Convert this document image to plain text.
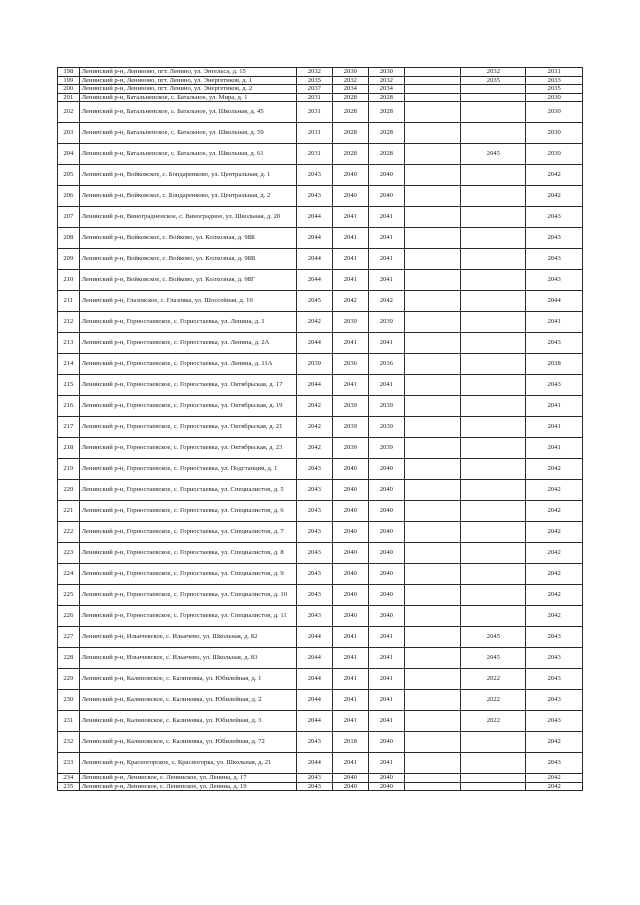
198	Ленинский р-н, Лениново, пгт. Ленино, ул. Энгельса, д. 15	2032	2030	2030		2032	2031
199	Ленинский р-н, Лениново, пгт. Ленино, ул. Энергетиков, д. 1	2035	2032	2032		2035	2033
200	Ленинский р-н, Лениново, пгт. Ленино, ул. Энергетиков, д. 2	2037	2034	2034			2035
201	Ленинский р-н, Батальненское, с. Батальное, ул. Мира, д. 1	2031	2028	2028			2030
202	Ленинский р-н, Батальненское, с. Батальное, ул. Школьная, д. 45	2031	2028	2028			2030
203	Ленинский р-н, Батальненское, с. Батальное, ул. Школьная, д. 59	2031	2028	2028			2030
204	Ленинский р-н, Батальненское, с. Батальное, ул. Школьная, д. 61	2031	2028	2028		2045	2030
205	Ленинский р-н, Войковское, с. Бондаренково, ул. Центральная, д. 1	2043	2040	2040			2042
206	Ленинский р-н, Войковское, с. Бондаренково, ул. Центральная, д. 2	2043	2040	2040			2042
207	Ленинский р-н, Виноградненское, с. Виноградное, ул. Школьная, д. 20	2044	2041	2041			2043
208	Ленинский р-н, Войковское, с. Войково, ул. Колхозная, д. 98Б	2044	2041	2041			2043
209	Ленинский р-н, Войковское, с. Войково, ул. Колхозная, д. 98В	2044	2041	2041			2043
210	Ленинский р-н, Войковское, с. Войково, ул. Колхозная, д. 98Г	2044	2041	2041			2043
211	Ленинский р-н, Глазовское, с. Глазовка, ул. Шоссейная, д. 10	2045	2042	2042			2044
212	Ленинский р-н, Горностаевское, с. Горностаевка, ул. Ленина, д. 1	2042	2039	2039			2041
213	Ленинский р-н, Горностаевское, с. Горностаевка, ул. Ленина, д. 2А	2044	2041	2041			2043
214	Ленинский р-н, Горностаевское, с. Горностаевка, ул. Ленина, д. 11А	2039	2036	2036			2038
215	Ленинский р-н, Горностаевское, с. Горностаевка, ул. Октябрьская, д. 17	2044	2041	2041			2043
216	Ленинский р-н, Горностаевское, с. Горностаевка, ул. Октябрьская, д. 19	2042	2039	2039			2041
217	Ленинский р-н, Горностаевское, с. Горностаевка, ул. Октябрьская, д. 21	2042	2039	2039			2041
218	Ленинский р-н, Горностаевское, с. Горностаевка, ул. Октябрьская, д. 23	2042	2039	2039			2041
219	Ленинский р-н, Горностаевское, с. Горностаевка, ул. Подстанция, д. 1	2043	2040	2040			2042
220	Ленинский р-н, Горностаевское, с. Горностаевка, ул. Специалистов, д. 5	2043	2040	2040			2042
221	Ленинский р-н, Горностаевское, с. Горностаевка, ул. Специалистов, д. 6	2043	2040	2040			2042
222	Ленинский р-н, Горностаевское, с. Горностаевка, ул. Специалистов, д. 7	2043	2040	2040			2042
223	Ленинский р-н, Горностаевское, с. Горностаевка, ул. Специалистов, д. 8	2043	2040	2040			2042
224	Ленинский р-н, Горностаевское, с. Горностаевка, ул. Специалистов, д. 9	2043	2040	2040			2042
225	Ленинский р-н, Горностаевское, с. Горностаевка, ул. Специалистов, д. 10	2043	2040	2040			2042
226	Ленинский р-н, Горностаевское, с. Горностаевка, ул. Специалистов, д. 11	2043	2040	2040			2042
227	Ленинский р-н, Ильичевское, с. Ильичево, ул. Школьная, д. 82	2044	2041	2041		2045	2043
228	Ленинский р-н, Ильичевское, с. Ильичево, ул. Школьная, д. 83	2044	2041	2041		2045	2043
229	Ленинский р-н, Калиновское, с. Калиновка, ул. Юбилейная, д. 1	2044	2041	2041		2022	2043
230	Ленинский р-н, Калиновское, с. Калиновка, ул. Юбилейная, д. 2	2044	2041	2041		2022	2043
231	Ленинский р-н, Калиновское, с. Калиновка, ул. Юбилейная, д. 3	2044	2041	2041		2022	2043
232	Ленинский р-н, Калиновское, с. Калиновка, ул. Юбилейная, д. 72	2043	2018	2040			2042
233	Ленинский р-н, Красногорское, с. Красногорка, ул. Школьная, д. 21	2044	2041	2041			2043
234	Ленинский р-н, Ленинское, с. Ленинское, ул. Ленина, д. 17	2043	2040	2040			2042
235	Ленинский р-н, Ленинское, с. Ленинское, ул. Ленина, д. 19	2043	2040	2040			2042
